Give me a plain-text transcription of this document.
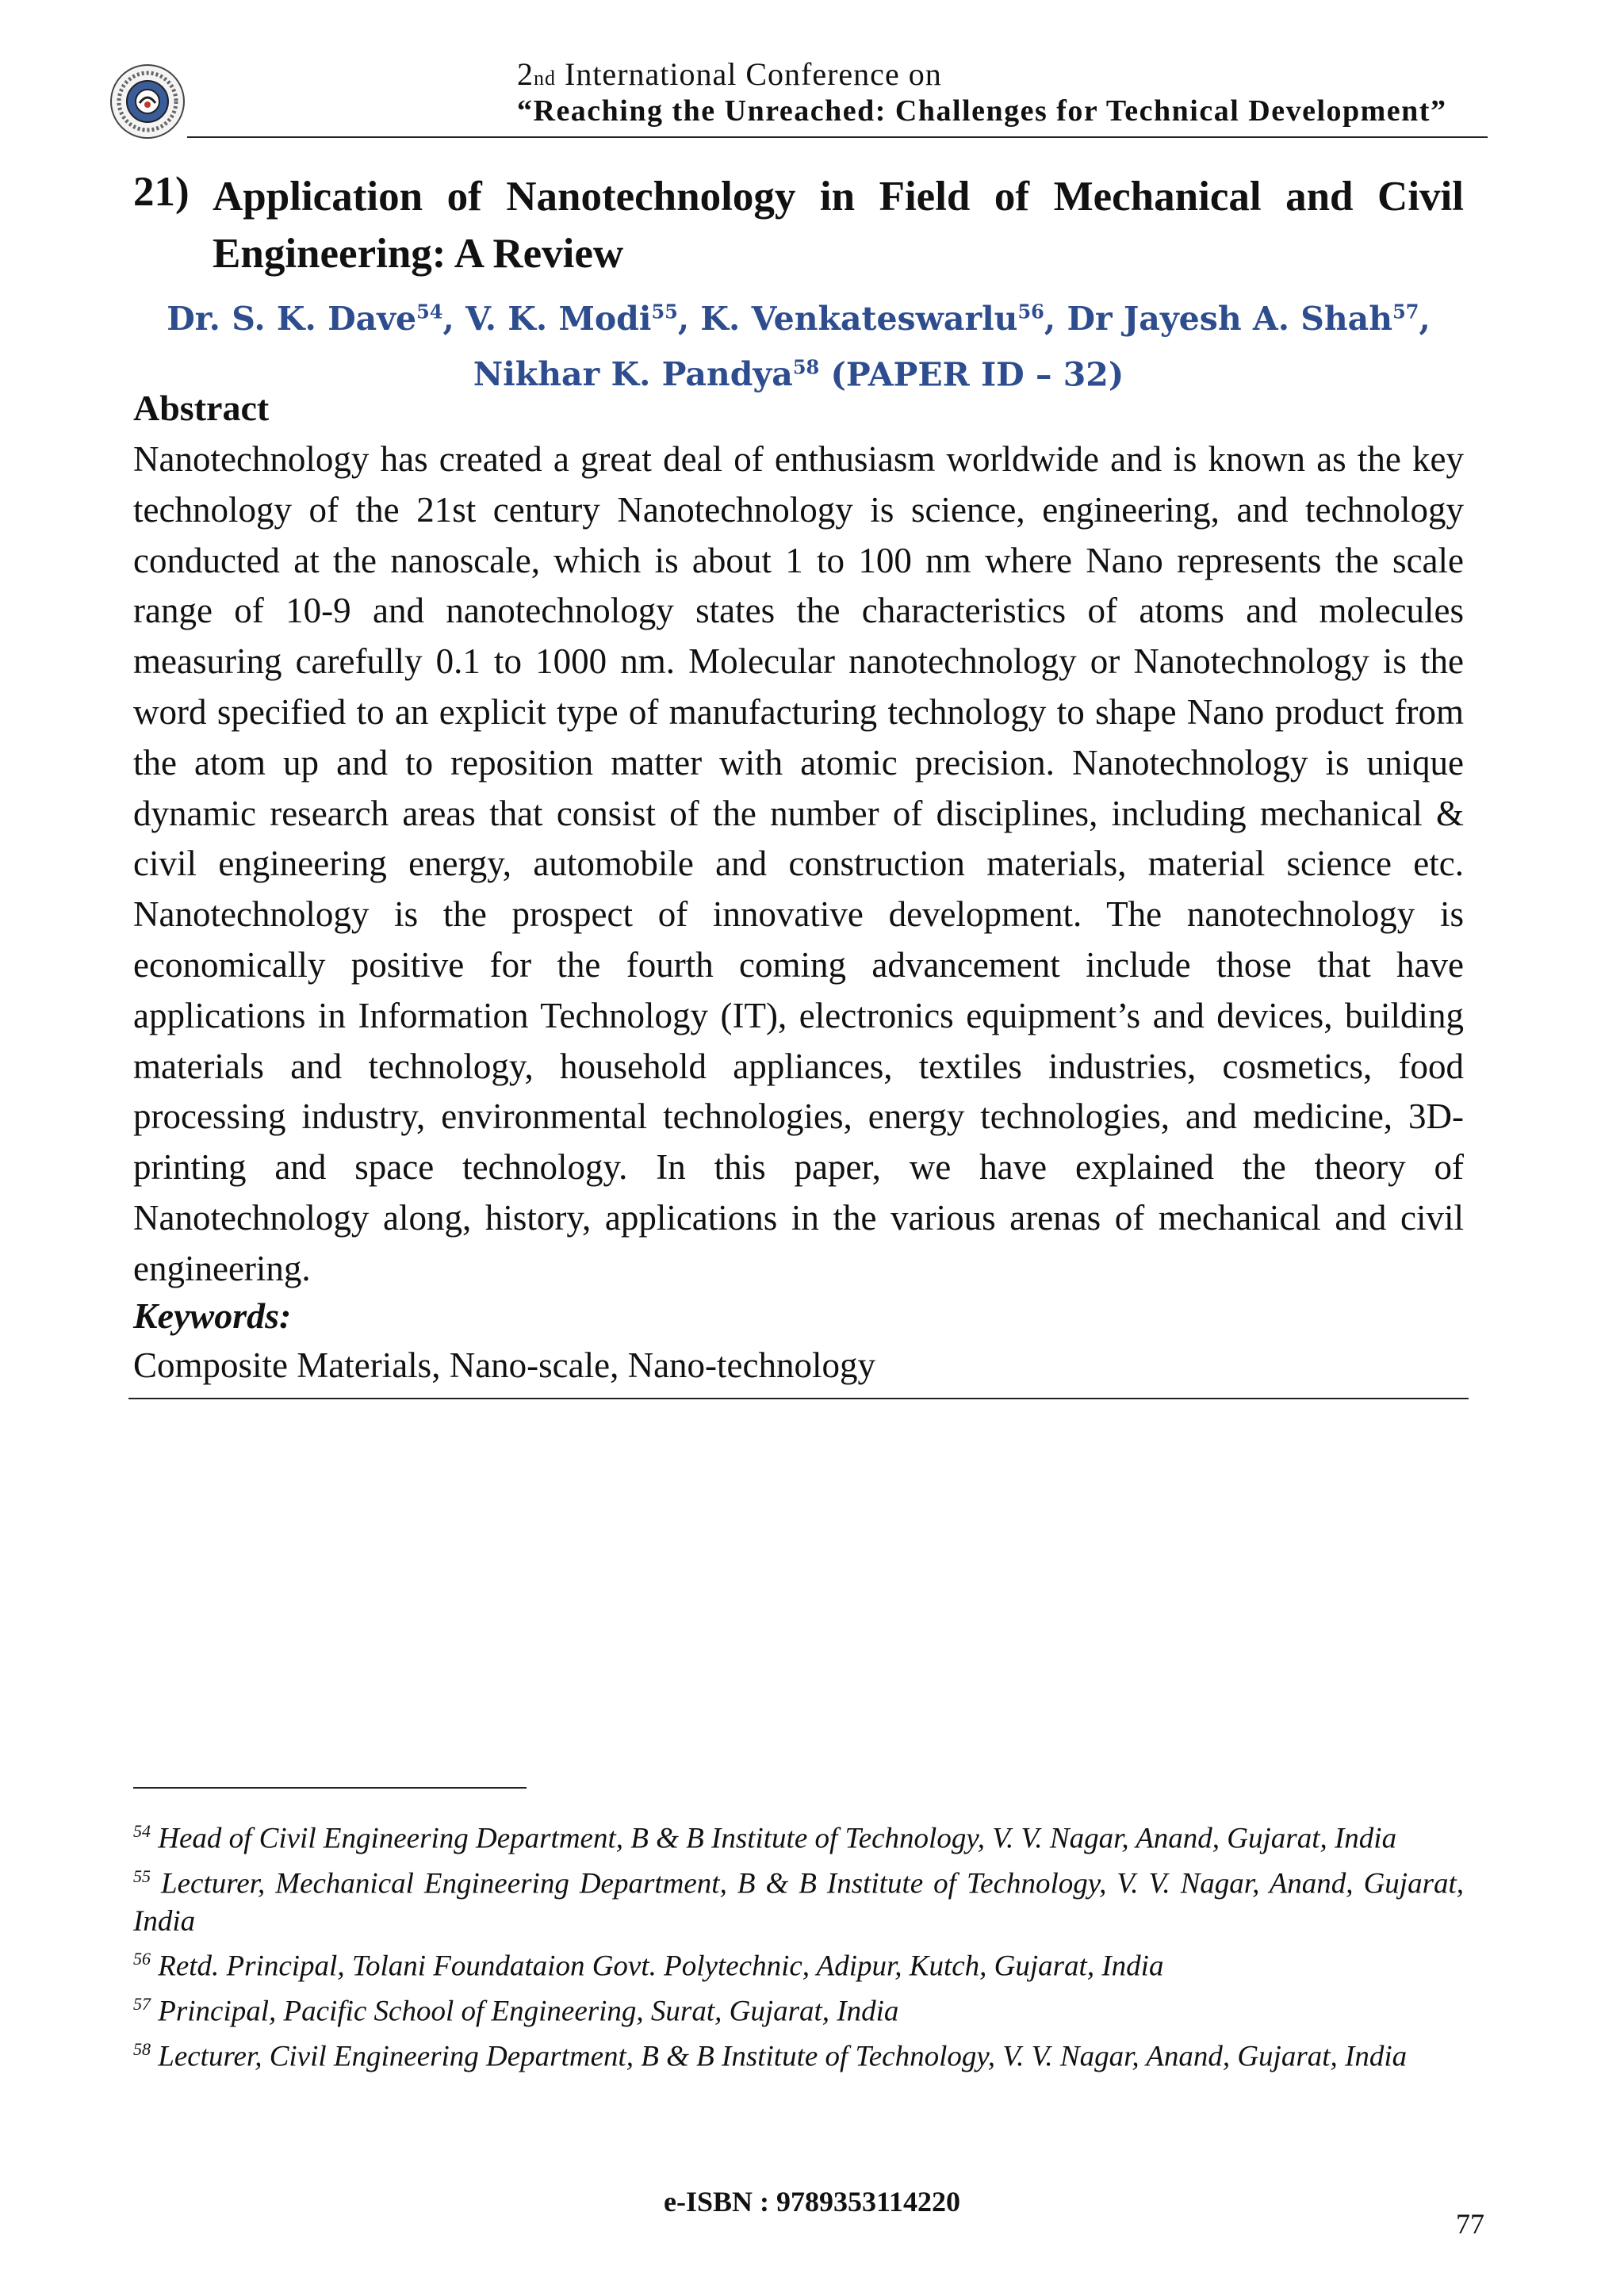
2nd International Conference on
“Reaching the Unreached: Challenges for Technical Development”
21) Application of Nanotechnology in Field of Mechanical and Civil
Engineering: A Review
Dr. S. K. Dave$^{54}$, V. K. Modi$^{55}$, K. Venkateswarlu$^{56}$, Dr Jayesh A. Shah$^{57}$,
Nikhar K. Pandya$^{58}$ (PAPER ID – 32)
Abstract
Nanotechnology has created a great deal of enthusiasm worldwide and is known as the key technology of the 21st century Nanotechnology is science, engineering, and technology conducted at the nanoscale, which is about 1 to 100 nm where Nano represents the scale range of 10-9 and nanotechnology states the characteristics of atoms and molecules measuring carefully 0.1 to 1000 nm. Molecular nanotechnology or Nanotechnology is the word specified to an explicit type of manufacturing technology to shape Nano product from the atom up and to reposition matter with atomic precision. Nanotechnology is unique dynamic research areas that consist of the number of disciplines, including mechanical & civil engineering energy, automobile and construction materials, material science etc. Nanotechnology is the prospect of innovative development. The nanotechnology is economically positive for the fourth coming advancement include those that have applications in Information Technology (IT), electronics equipment’s and devices, building materials and technology, household appliances, textiles industries, cosmetics, food processing industry, environmental technologies, energy technologies, and medicine, 3D-printing and space technology. In this paper, we have explained the theory of Nanotechnology along, history, applications in the various arenas of mechanical and civil engineering.
Keywords:
Composite Materials, Nano-scale, Nano-technology
$^{54}$ Head of Civil Engineering Department, B & B Institute of Technology, V. V. Nagar, Anand, Gujarat, India
$^{55}$ Lecturer, Mechanical Engineering Department, B & B Institute of Technology, V. V. Nagar, Anand, Gujarat, India
$^{56}$ Retd. Principal, Tolani Foundataion Govt. Polytechnic, Adipur, Kutch, Gujarat, India
$^{57}$ Principal, Pacific School of Engineering, Surat, Gujarat, India
$^{58}$ Lecturer, Civil Engineering Department, B & B Institute of Technology, V. V. Nagar, Anand, Gujarat, India
e-ISBN : 9789353114220
77
